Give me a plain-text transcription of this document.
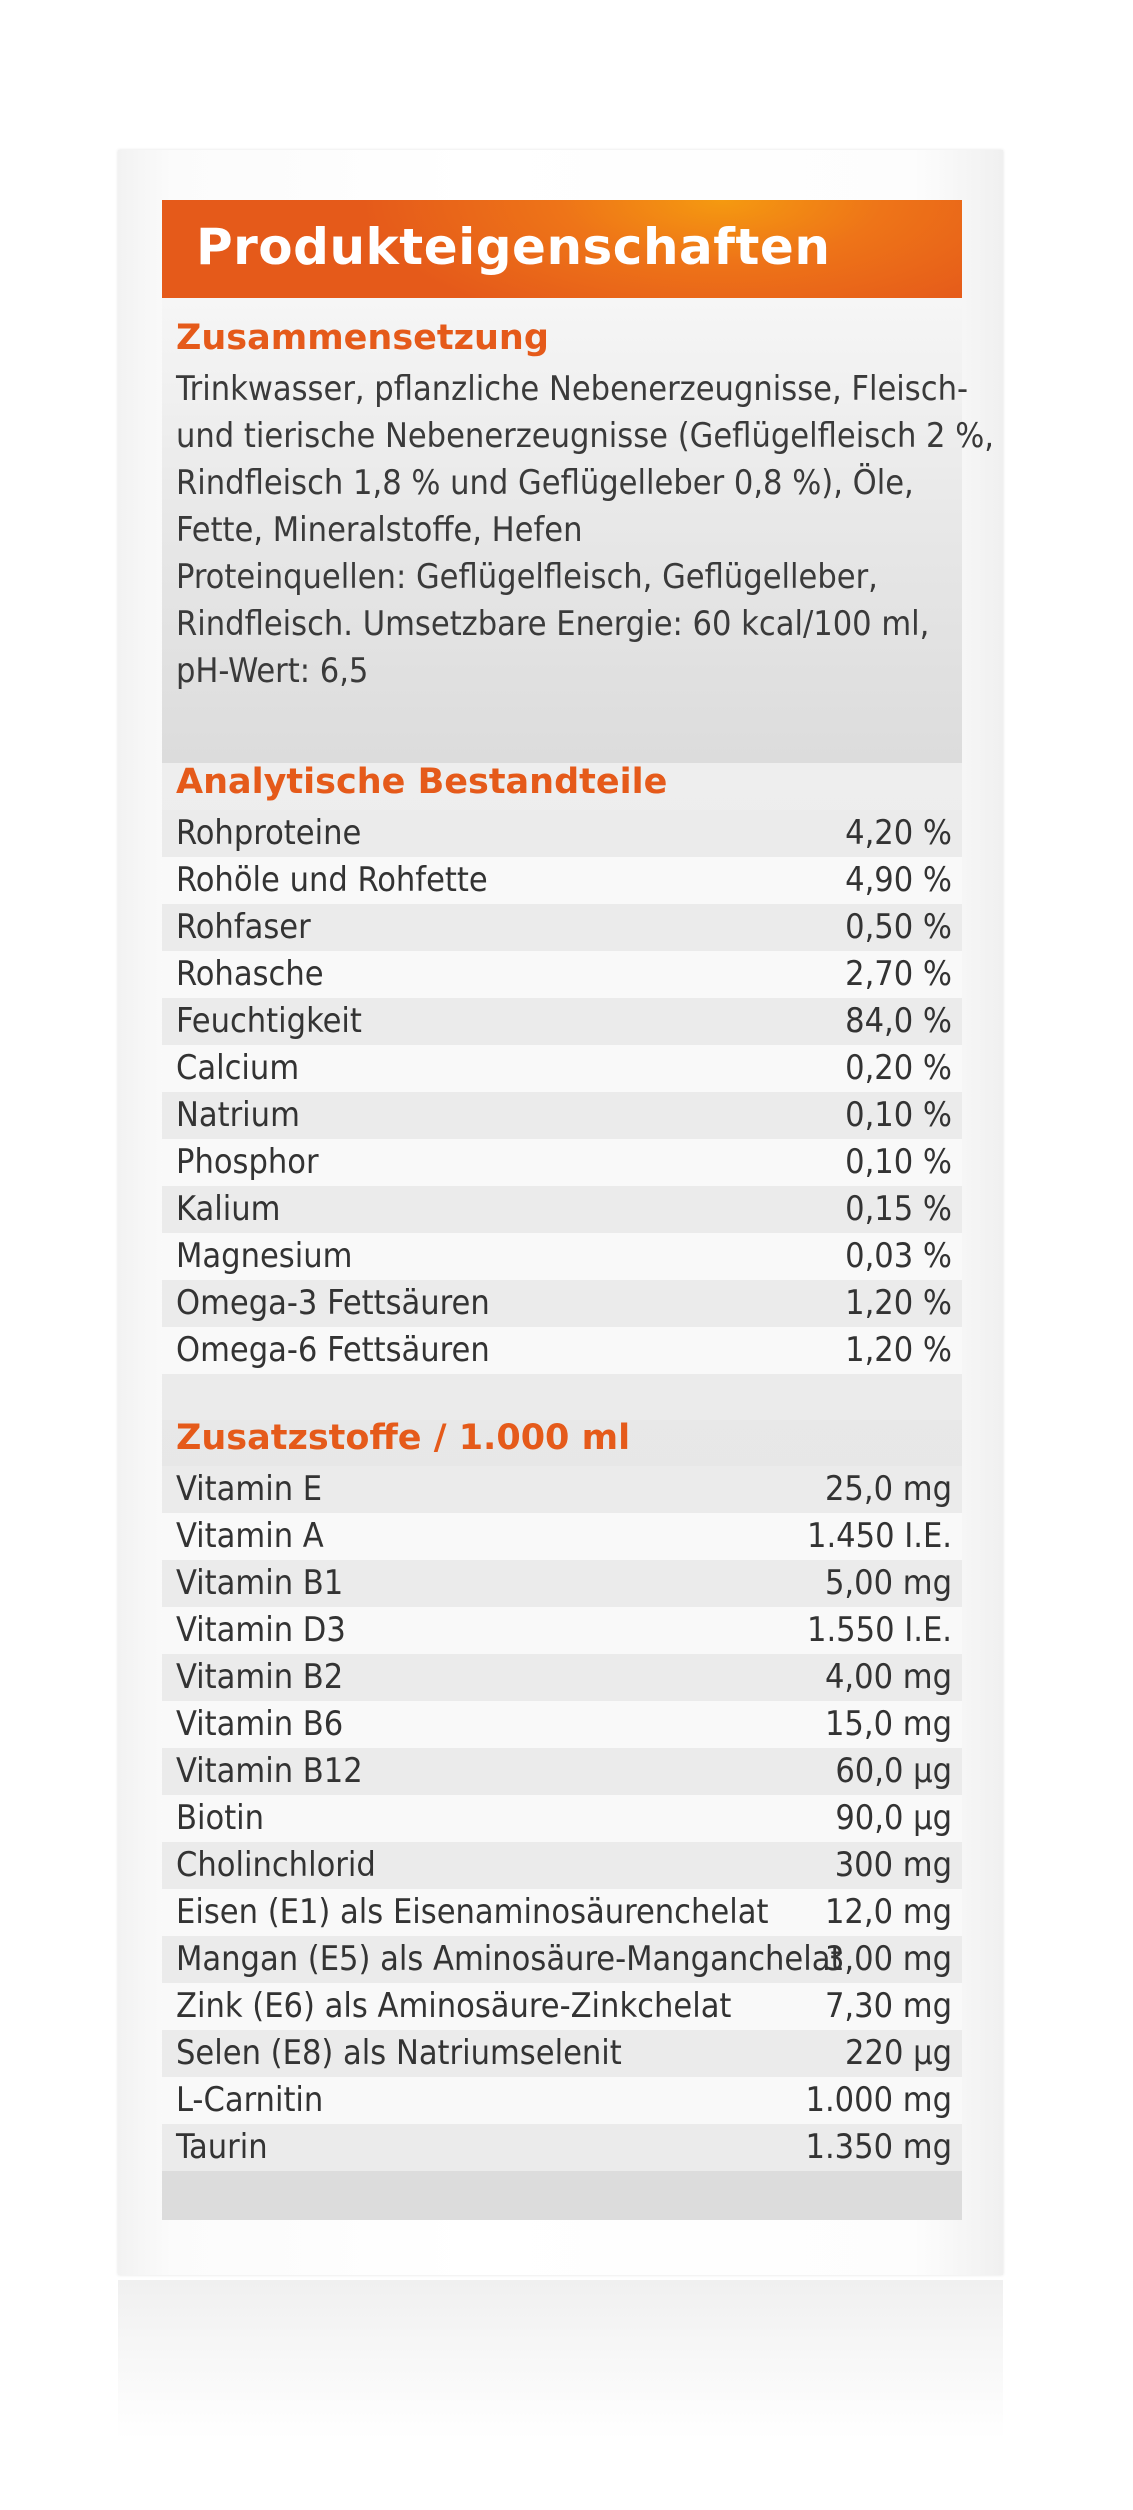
Produkteigenschaften
Zusammensetzung
Trinkwasser, pflanzliche Nebenerzeugnisse, Fleisch-
und tierische Nebenerzeugnisse (Geflügelfleisch 2 %,
Rindfleisch 1,8 % und Geflügelleber 0,8 %), Öle,
Fette, Mineralstoffe, Hefen
Proteinquellen: Geflügelfleisch, Geflügelleber,
Rindfleisch. Umsetzbare Energie: 60 kcal/100 ml,
pH-Wert: 6,5
Analytische Bestandteile
Rohproteine	4,20 %
Rohöle und Rohfette	4,90 %
Rohfaser	0,50 %
Rohasche	2,70 %
Feuchtigkeit	84,0 %
Calcium	0,20 %
Natrium	0,10 %
Phosphor	0,10 %
Kalium	0,15 %
Magnesium	0,03 %
Omega-3 Fettsäuren	1,20 %
Omega-6 Fettsäuren	1,20 %
Zusatzstoffe / 1.000 ml
Vitamin E	25,0 mg
Vitamin A	1.450 I.E.
Vitamin B1	5,00 mg
Vitamin D3	1.550 I.E.
Vitamin B2	4,00 mg
Vitamin B6	15,0 mg
Vitamin B12	60,0 µg
Biotin	90,0 µg
Cholinchlorid	300 mg
Eisen (E1) als Eisenaminosäurenchelat 12,0 mg
Mangan (E5) als Aminosäure-Manganchelat
3,00 mg
Zink (E6) als Aminosäure-Zinkchelat	7,30 mg
Selen (E8) als Natriumselenit	220 µg
L-Carnitin	1.000 mg
Taurin	1.350 mg
